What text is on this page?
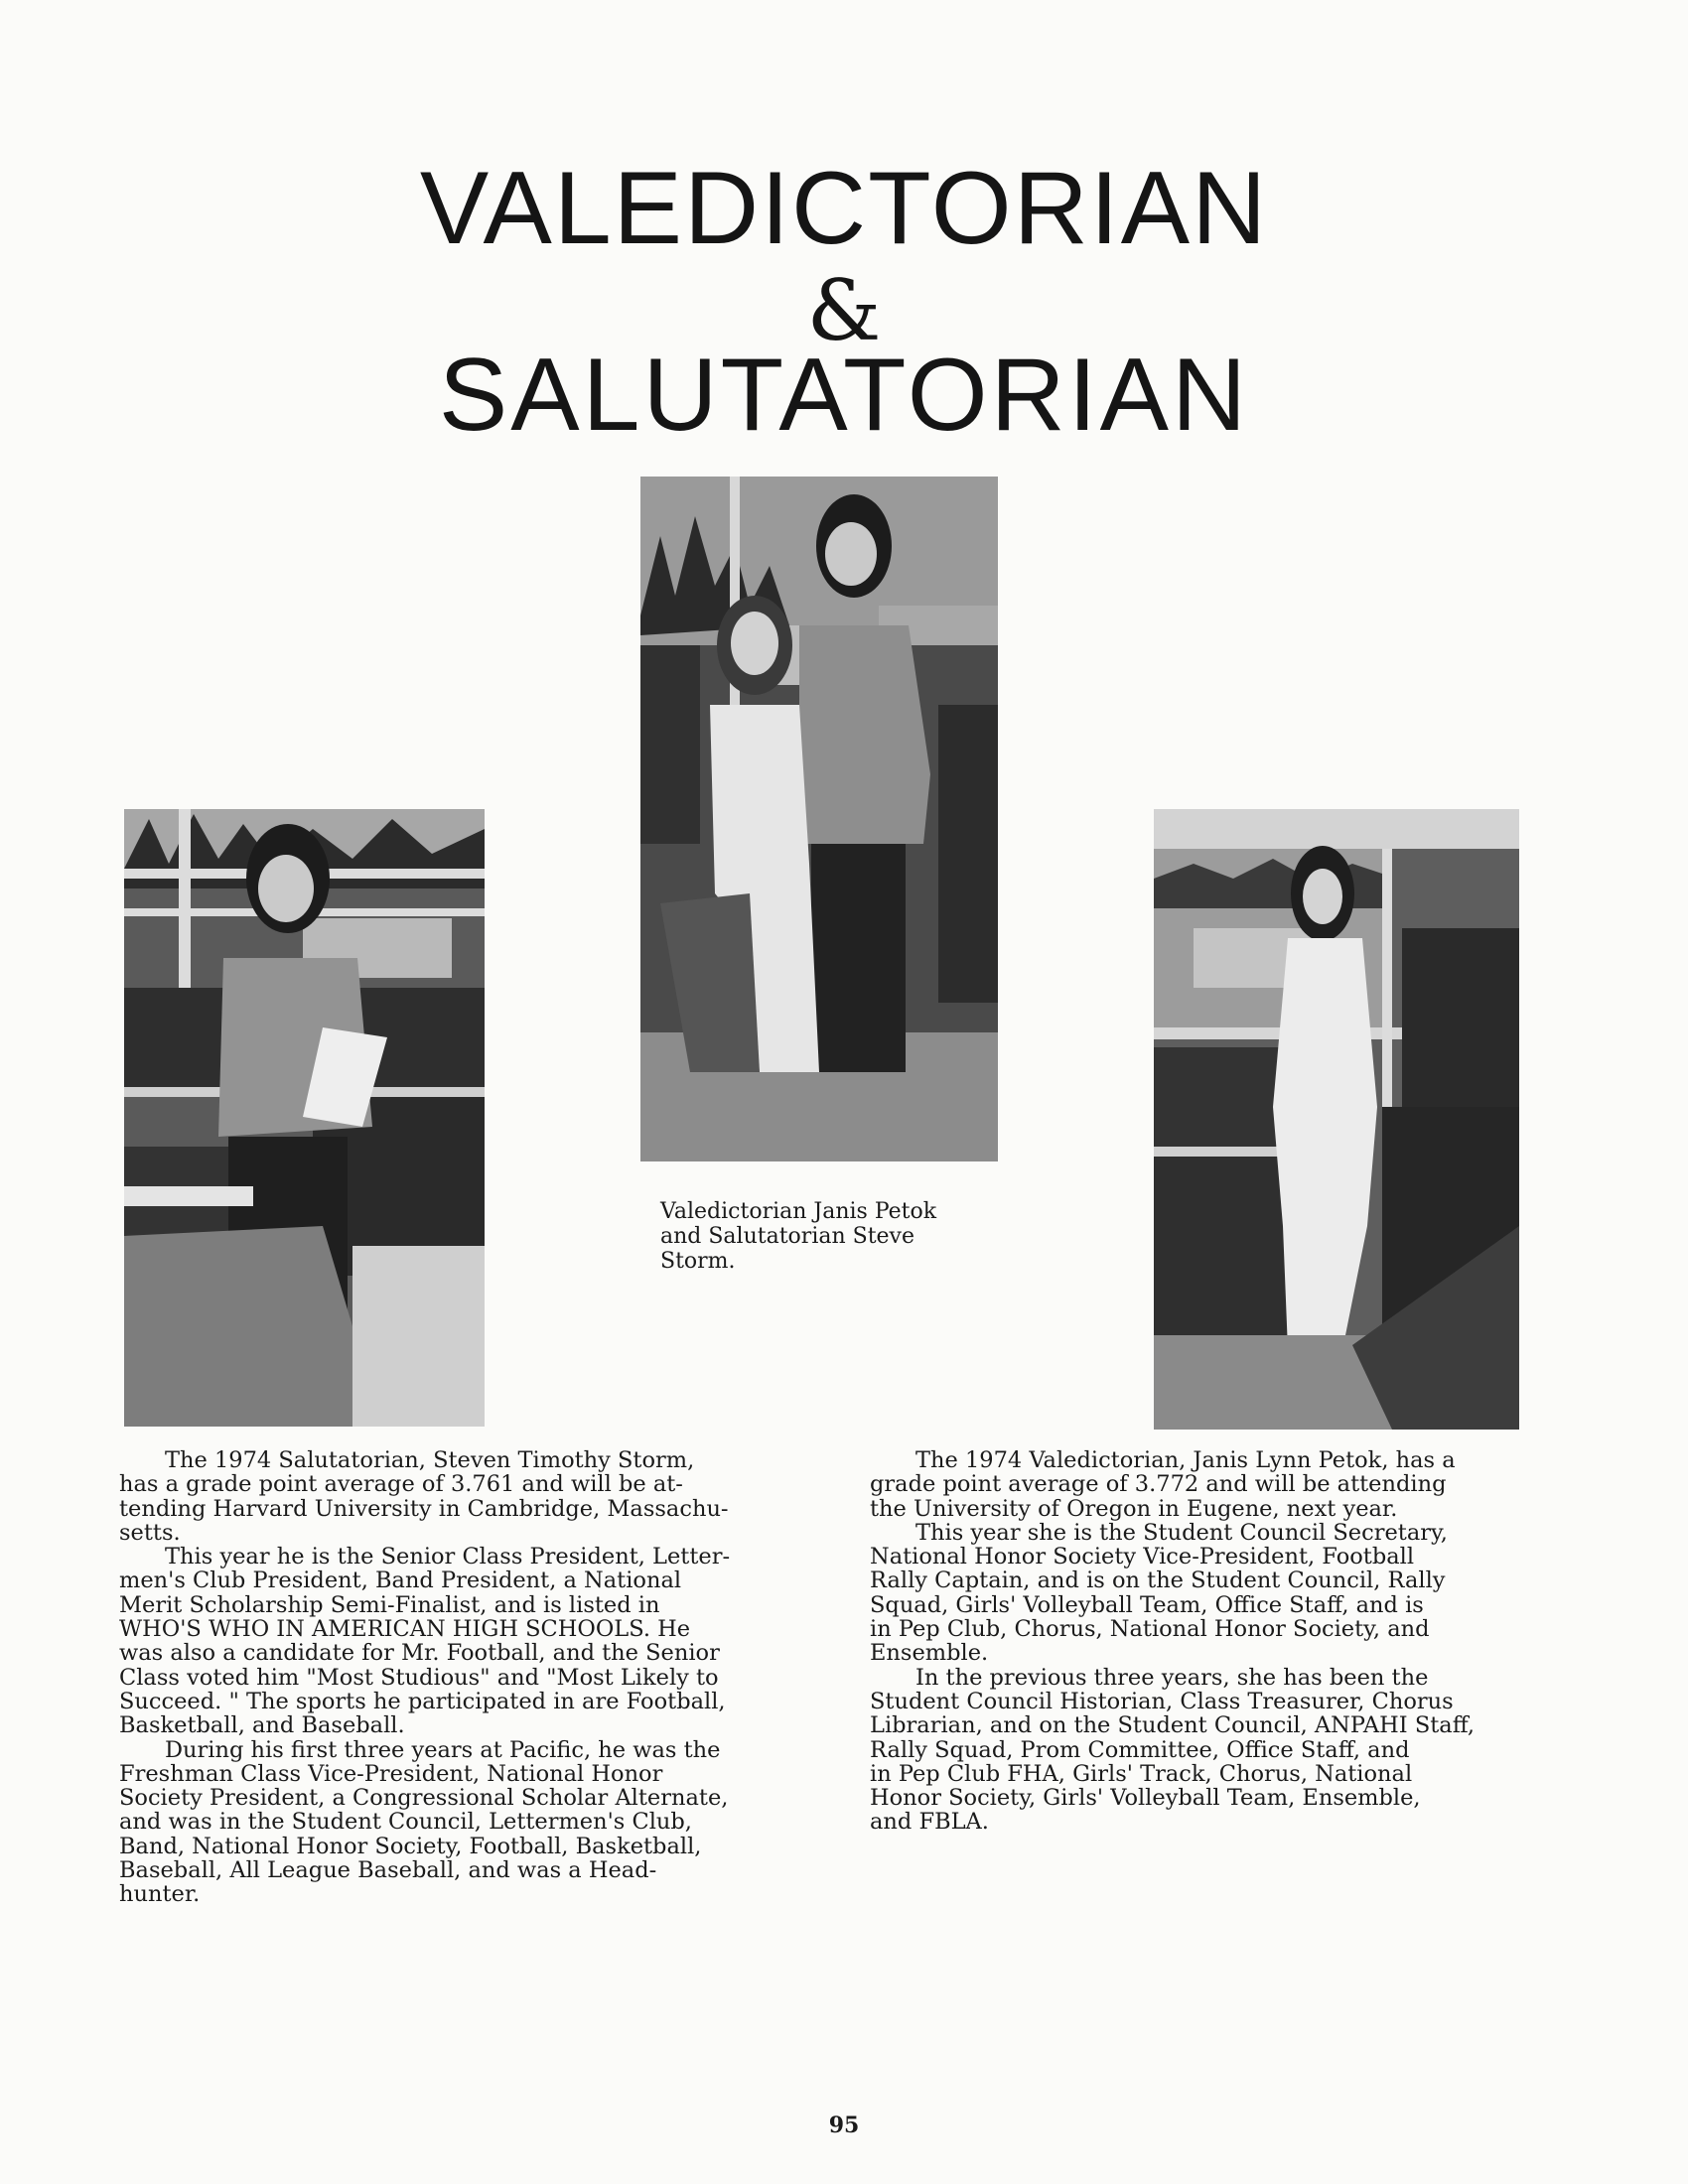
VALEDICTORIAN
&
SALUTATORIAN

Valedictorian Janis Petok
and Salutatorian Steve
Storm.

The 1974 Salutatorian, Steven Timothy Storm,
has a grade point average of 3.761 and will be at-
tending Harvard University in Cambridge, Massachu-
setts.
This year he is the Senior Class President, Letter-
men's Club President, Band President, a National
Merit Scholarship Semi-Finalist, and is listed in
WHO'S WHO IN AMERICAN HIGH SCHOOLS. He
was also a candidate for Mr. Football, and the Senior
Class voted him "Most Studious" and "Most Likely to
Succeed. " The sports he participated in are Football,
Basketball, and Baseball.
During his first three years at Pacific, he was the
Freshman Class Vice-President, National Honor
Society President, a Congressional Scholar Alternate,
and was in the Student Council, Lettermen's Club,
Band, National Honor Society, Football, Basketball,
Baseball, All League Baseball, and was a Head-
hunter.
The 1974 Valedictorian, Janis Lynn Petok, has a
grade point average of 3.772 and will be attending
the University of Oregon in Eugene, next year.
This year she is the Student Council Secretary,
National Honor Society Vice-President, Football
Rally Captain, and is on the Student Council, Rally
Squad, Girls' Volleyball Team, Office Staff, and is
in Pep Club, Chorus, National Honor Society, and
Ensemble.
In the previous three years, she has been the
Student Council Historian, Class Treasurer, Chorus
Librarian, and on the Student Council, ANPAHI Staff,
Rally Squad, Prom Committee, Office Staff, and
in Pep Club FHA, Girls' Track, Chorus, National
Honor Society, Girls' Volleyball Team, Ensemble,
and FBLA.

95
